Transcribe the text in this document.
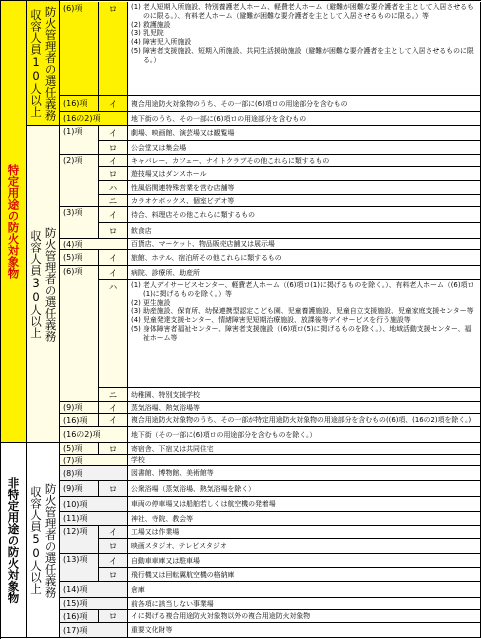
特定用途の防火対象物
非特定用途の防火対象物
防火管理者の選任義務
収容人員10人以上
防火管理者の選任義務
収容人員30人以上
防火管理者の選任義務
収容人員50人以上
(6)項
(16)項
(16の2)項
(1)項
(2)項
(3)項
(4)項
(5)項
(6)項
(9)項
(16)項
(16の2)項
(5)項
(7)項
(8)項
(9)項
(10)項
(11)項
(12)項
(13)項
(14)項
(15)項
(16)項
(17)項
ロ (1) 老人短期入所施設、特別養護老人ホーム、軽費老人ホーム（避難が困難な要介護者を主として入居させるものに限る。）、有料老人ホーム（避難が困難な要介護者を主として入居させるものに限る。）等
(2) 救護施設
(3) 乳児院
(4) 障害児入所施設
(5) 障害者支援施設、短期入所施設、共同生活援助施設（避難が困難な要介護者を主として入居させるものに限る。）
イ 複合用途防火対象物のうち、その一部に(6)項ロの用途部分を含むもの
地下街のうち、その一部に(6)項ロの用途部分を含むもの
イ 劇場、映画館、演芸場又は観覧場
ロ 公会堂又は集会場
イ キャバレー、カフェー、ナイトクラブその他これらに類するもの
ロ 遊技場又はダンスホール
ハ 性風俗関連特殊営業を営む店舗等
ニ カラオケボックス、個室ビデオ等
イ 待合、料理店その他これらに類するもの
ロ 飲食店
百貨店、マーケット、物品販売店舗又は展示場
イ 旅館、ホテル、宿泊所その他これらに類するもの
イ 病院、診療所、助産所
ハ (1) 老人デイサービスセンター、軽費老人ホーム（(6)項ロ(1)に掲げるものを除く。）、有料老人ホーム（(6)項ロ(1)に掲げるものを除く。）等
(2) 更生施設
(3) 助産施設、保育所、幼保連携型認定こども園、児童養護施設、児童自立支援施設、児童家庭支援センター等
(4) 児童発達支援センター、情緒障害児短期治療施設、放課後等デイサービスを行う施設等
(5) 身体障害者福祉センター、障害者支援施設（(6)項ロ(5)に掲げるものを除く。）、地域活動支援センター、福祉ホーム等
ニ 幼稚園、特別支援学校
イ 蒸気浴場、熱気浴場等
イ 複合用途防火対象物のうち、その一部が特定用途防火対象物の用途部分を含むもの((6)項、(16の2)項を除く。)
地下街（その一部に(6)項ロの用途部分を含むものを除く。）
ロ 寄宿舎、下宿又は共同住宅
学校
図書館、博物館、美術館等
ロ 公衆浴場（蒸気浴場、熱気浴場を除く）
車両の停車場又は船舶若しくは航空機の発着場
神社、寺院、教会等
イ 工場又は作業場
ロ 映画スタジオ、テレビスタジオ
イ 自動車車庫又は駐車場
ロ 飛行機又は回転翼航空機の格納庫
倉庫
前各項に該当しない事業場
ロ イに掲げる複合用途防火対象物以外の複合用途防火対象物
重要文化財等
